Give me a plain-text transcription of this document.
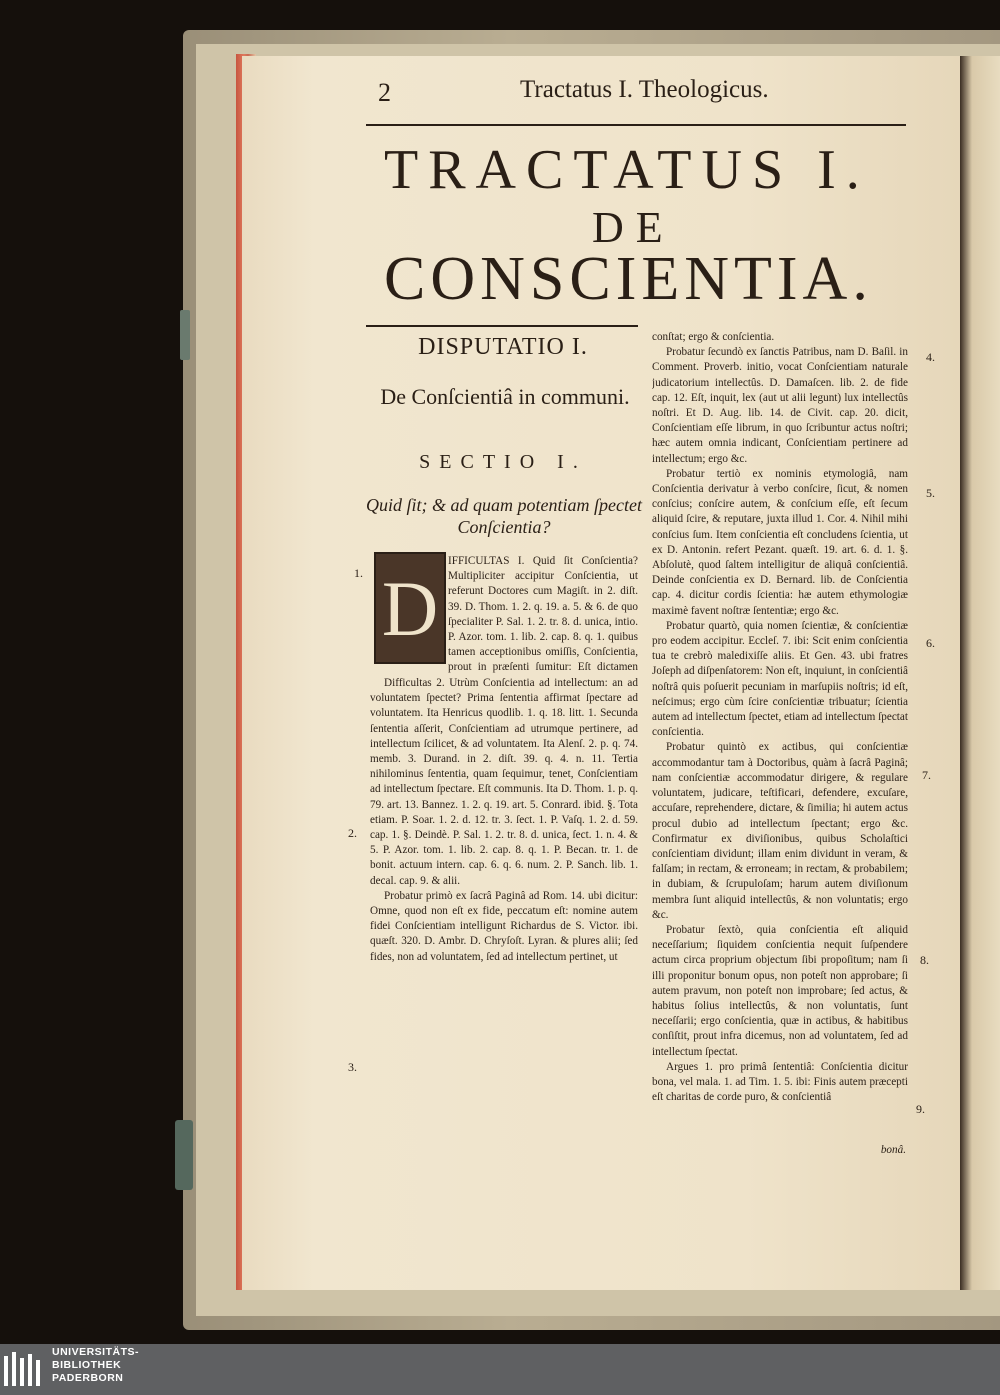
2	Tractatus I. Theologicus.
TRACTATUS I.
DE
CONSCIENTIA.
DISPUTATIO I.
De Conſcientiâ in communi.
SECTIO I.
Quid ſit; & ad quam potentiam ſpectet Conſcientia?
D

IFFICULTAS I. Quid ſit Conſcientia? Multipliciter accipitur Conſcientia, ut referunt Doctores cum Magiſt. in 2. diſt. 39. D. Thom. 1. 2. q. 19. a. 5. & 6. de quo ſpecialiter P. Sal. 1. 2. tr. 8. d. unica, intio. P. Azor. tom. 1. lib. 2. cap. 8. q. 1. quibus tamen acceptionibus omiſſis, Conſcientia, prout in præſenti ſumitur: Eſt dictamen

Difficultas 2. Utrùm Conſcientia ad intellectum: an ad voluntatem ſpectet? Prima ſententia affirmat ſpectare ad voluntatem. Ita Henricus quodlib. 1. q. 18. litt. 1. Secunda ſententia aſſerit, Conſcientiam ad utrumque pertinere, ad intellectum ſcilicet, & ad voluntatem. Ita Alenſ. 2. p. q. 74. memb. 3. Durand. in 2. diſt. 39. q. 4. n. 11. Tertia nihilominus ſententia, quam ſequimur, tenet, Conſcientiam ad intellectum ſpectare. Eſt communis. Ita D. Thom. 1. p. q. 79. art. 13. Bannez. 1. 2. q. 19. art. 5. Conrard. ibid. §. Tota etiam. P. Soar. 1. 2. d. 12. tr. 3. ſect. 1. P. Vaſq. 1. 2. d. 59. cap. 1. §. Deindè. P. Sal. 1. 2. tr. 8. d. unica, ſect. 1. n. 4. & 5. P. Azor. tom. 1. lib. 2. cap. 8. q. 1. P. Becan. tr. 1. de bonit. actuum intern. cap. 6. q. 6. num. 2. P. Sanch. lib. 1. decal. cap. 9. & alii.

Probatur primò ex ſacrâ Paginâ ad Rom. 14. ubi dicitur: Omne, quod non eſt ex fide, peccatum eſt: nomine autem fidei Conſcientiam intelligunt Richardus de S. Victor. ibi. quæſt. 320. D. Ambr. D. Chryſoſt. Lyran. & plures alii; ſed fides, non ad voluntatem, ſed ad intellectum pertinet, ut

conſtat; ergo & conſcientia.

Probatur ſecundò ex ſanctis Patribus, nam D. Baſil. in Comment. Proverb. initio, vocat Conſcientiam naturale judicatorium intellectûs. D. Damaſcen. lib. 2. de fide cap. 12. Eſt, inquit, lex (aut ut alii legunt) lux intellectûs noſtri. Et D. Aug. lib. 14. de Civit. cap. 20. dicit, Conſcientiam eſſe librum, in quo ſcribuntur actus noſtri; hæc autem omnia indicant, Conſcientiam pertinere ad intellectum; ergo &c.

Probatur tertiò ex nominis etymologiâ, nam Conſcientia derivatur à verbo conſcire, ſicut, & nomen conſcius; conſcire autem, & conſcium eſſe, eſt ſecum aliquid ſcire, & reputare, juxta illud 1. Cor. 4. Nihil mihi conſcius ſum. Item conſcientia eſt concludens ſcientia, ut ex D. Antonin. refert Pezant. quæſt. 19. art. 6. d. 1. §. Abſolutè, quod ſaltem intelligitur de aliquâ conſcientiâ. Deinde conſcientia ex D. Bernard. lib. de Conſcientia cap. 4. dicitur cordis ſcientia: hæ autem ethymologiæ maximè favent noſtræ ſententiæ; ergo &c.

Probatur quartò, quia nomen ſcientiæ, & conſcientiæ pro eodem accipitur. Eccleſ. 7. ibi: Scit enim conſcientia tua te crebrò maledixiſſe aliis. Et Gen. 43. ubi fratres Joſeph ad diſpenſatorem: Non eſt, inquiunt, in conſcientiâ noſtrâ quis poſuerit pecuniam in marſupiis noſtris; id eſt, neſcimus; ergo cùm ſcire conſcientiæ tribuatur; ſcientia autem ad intellectum ſpectet, etiam ad intellectum ſpectat conſcientia.

Probatur quintò ex actibus, qui conſcientiæ accommodantur tam à Doctoribus, quàm à ſacrâ Paginâ; nam conſcientiæ accommodatur dirigere, & regulare voluntatem, judicare, teſtificari, defendere, excuſare, accuſare, reprehendere, dictare, & ſimilia; hi autem actus procul dubio ad intellectum ſpectant; ergo &c. Confirmatur ex diviſionibus, quibus Scholaſtici conſcientiam dividunt; illam enim dividunt in veram, & falſam; in rectam, & erroneam; in rectam, & probabilem; in dubiam, & ſcrupuloſam; harum autem diviſionum membra ſunt aliquid intellectûs, & non voluntatis; ergo &c.

Probatur ſextò, quia conſcientia eſt aliquid neceſſarium; ſiquidem conſcientia nequit ſuſpendere actum circa proprium objectum ſibi propoſitum; nam ſi illi proponitur bonum opus, non poteſt non approbare; ſi autem pravum, non poteſt non improbare; ſed actus, & habitus ſolius intellectûs, & non voluntatis, ſunt neceſſarii; ergo conſcientia, quæ in actibus, & habitibus conſiſtit, prout infra dicemus, non ad voluntatem, ſed ad intellectum ſpectat.

Argues 1. pro primâ ſententiâ: Conſcientia dicitur bona, vel mala. 1. ad Tim. 1. 5. ibi: Finis autem præcepti eſt charitas de corde puro, & conſcientiâ

bonâ.
1.
2.
3.
4.
5.
6.
7.
8.
9.
UNIVERSITÄTS-
BIBLIOTHEK
PADERBORN
